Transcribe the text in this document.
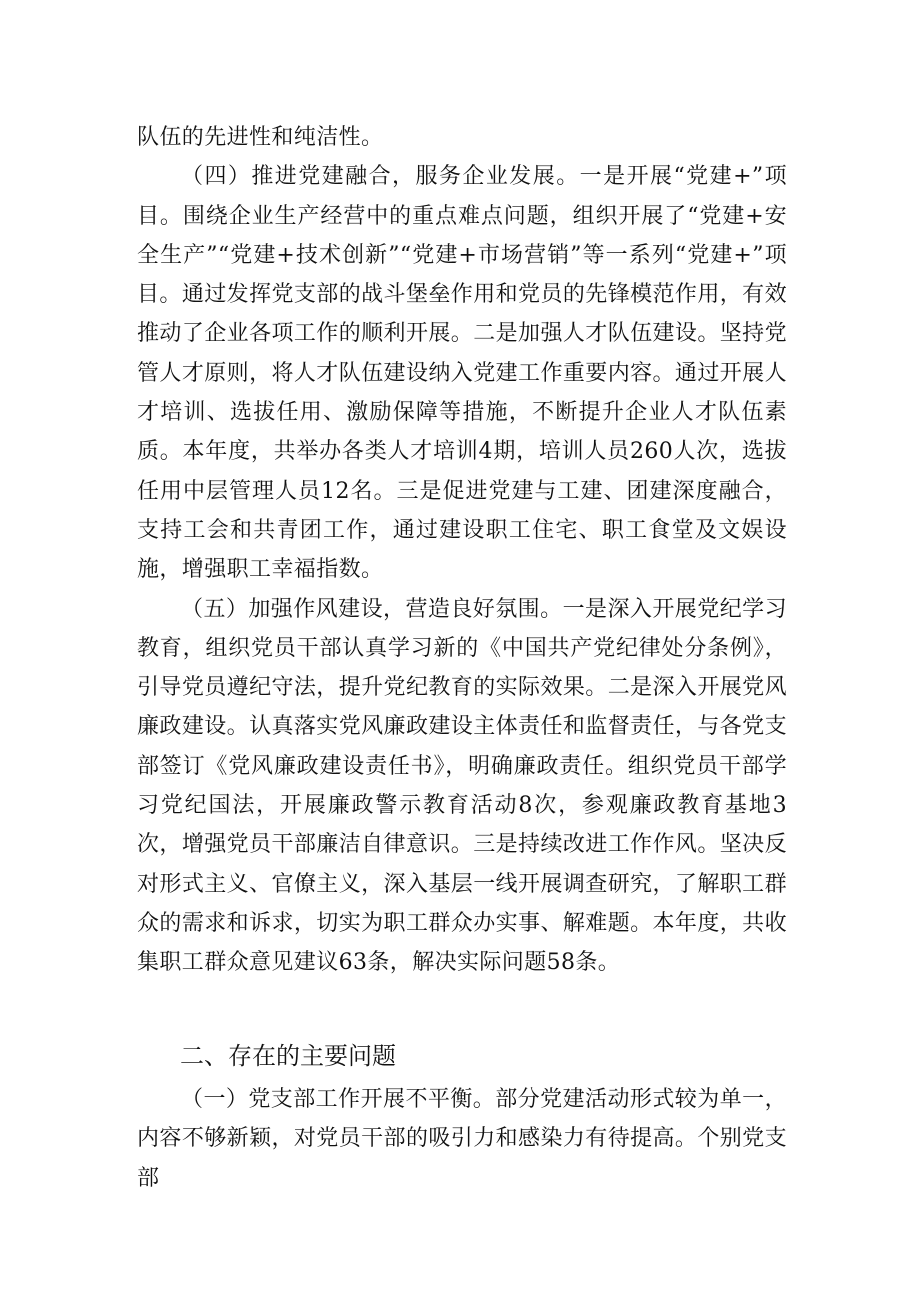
队伍的先进性和纯洁性。

（四）推进党建融合，服务企业发展。一是开展“党建+”项目。围绕企业生产经营中的重点难点问题，组织开展了“党建+安全生产”“党建+技术创新”“党建+市场营销”等一系列“党建+”项目。通过发挥党支部的战斗堡垒作用和党员的先锋模范作用，有效推动了企业各项工作的顺利开展。二是加强人才队伍建设。坚持党管人才原则，将人才队伍建设纳入党建工作重要内容。通过开展人才培训、选拔任用、激励保障等措施，不断提升企业人才队伍素质。本年度，共举办各类人才培训4期，培训人员260人次，选拔任用中层管理人员12名。三是促进党建与工建、团建深度融合，支持工会和共青团工作，通过建设职工住宅、职工食堂及文娱设施，增强职工幸福指数。

（五）加强作风建设，营造良好氛围。一是深入开展党纪学习教育，组织党员干部认真学习新的《中国共产党纪律处分条例》，引导党员遵纪守法，提升党纪教育的实际效果。二是深入开展党风廉政建设。认真落实党风廉政建设主体责任和监督责任，与各党支部签订《党风廉政建设责任书》，明确廉政责任。组织党员干部学习党纪国法，开展廉政警示教育活动8次，参观廉政教育基地3次，增强党员干部廉洁自律意识。三是持续改进工作作风。坚决反对形式主义、官僚主义，深入基层一线开展调查研究，了解职工群众的需求和诉求，切实为职工群众办实事、解难题。本年度，共收集职工群众意见建议63条，解决实际问题58条。

二、存在的主要问题

（一）党支部工作开展不平衡。部分党建活动形式较为单一，内容不够新颖，对党员干部的吸引力和感染力有待提高。个别党支部
